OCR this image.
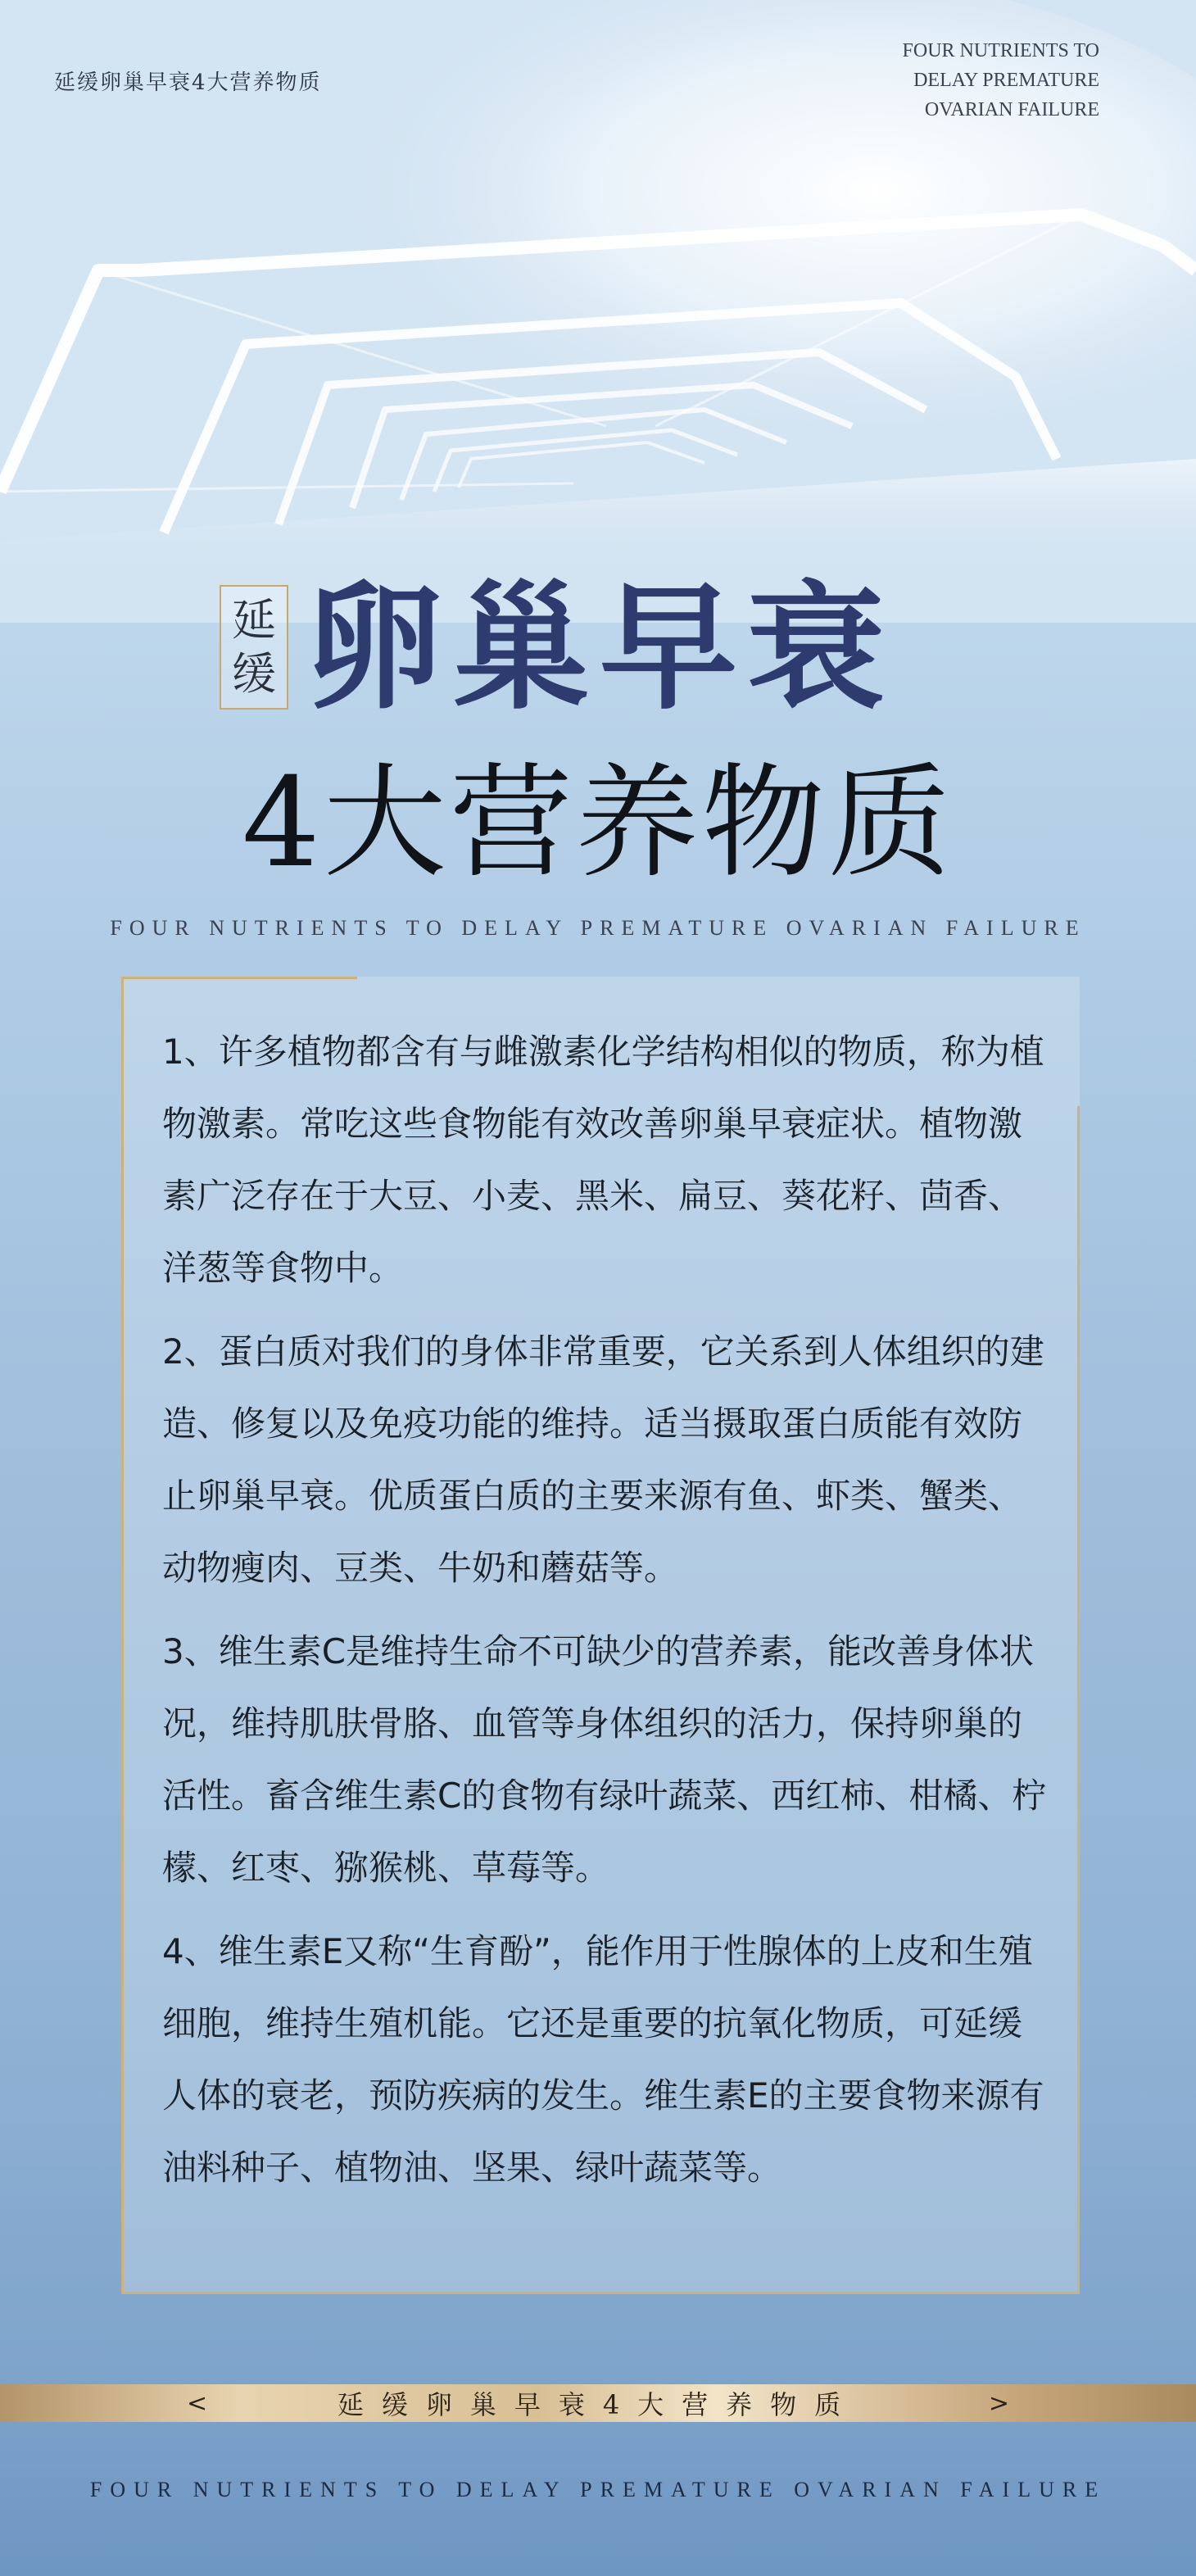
延缓卵巢早衰4大营养物质
FOUR NUTRIENTS TO
DELAY PREMATURE
OVARIAN FAILURE
延
缓 卵巢早衰
4大营养物质
FOUR NUTRIENTS TO DELAY PREMATURE OVARIAN FAILURE

1、许多植物都含有与雌激素化学结构相似的物质，称为植物激素。常吃这些食物能有效改善卵巢早衰症状。植物激素广泛存在于大豆、小麦、黑米、扁豆、葵花籽、茴香、洋葱等食物中。

2、蛋白质对我们的身体非常重要，它关系到人体组织的建造、修复以及免疫功能的维持。适当摄取蛋白质能有效防止卵巢早衰。优质蛋白质的主要来源有鱼、虾类、蟹类、动物瘦肉、豆类、牛奶和蘑菇等。

3、维生素C是维持生命不可缺少的营养素，能改善身体状况，维持肌肤骨胳、血管等身体组织的活力，保持卵巢的活性。畜含维生素C的食物有绿叶蔬菜、西红柿、柑橘、柠檬、红枣、猕猴桃、草莓等。

4、维生素E又称“生育酚”，能作用于性腺体的上皮和生殖细胞，维持生殖机能。它还是重要的抗氧化物质，可延缓人体的衰老，预防疾病的发生。维生素E的主要食物来源有油料种子、植物油、坚果、绿叶蔬菜等。

<	延缓卵巢早衰4大营养物质	>
FOUR NUTRIENTS TO DELAY PREMATURE OVARIAN FAILURE
